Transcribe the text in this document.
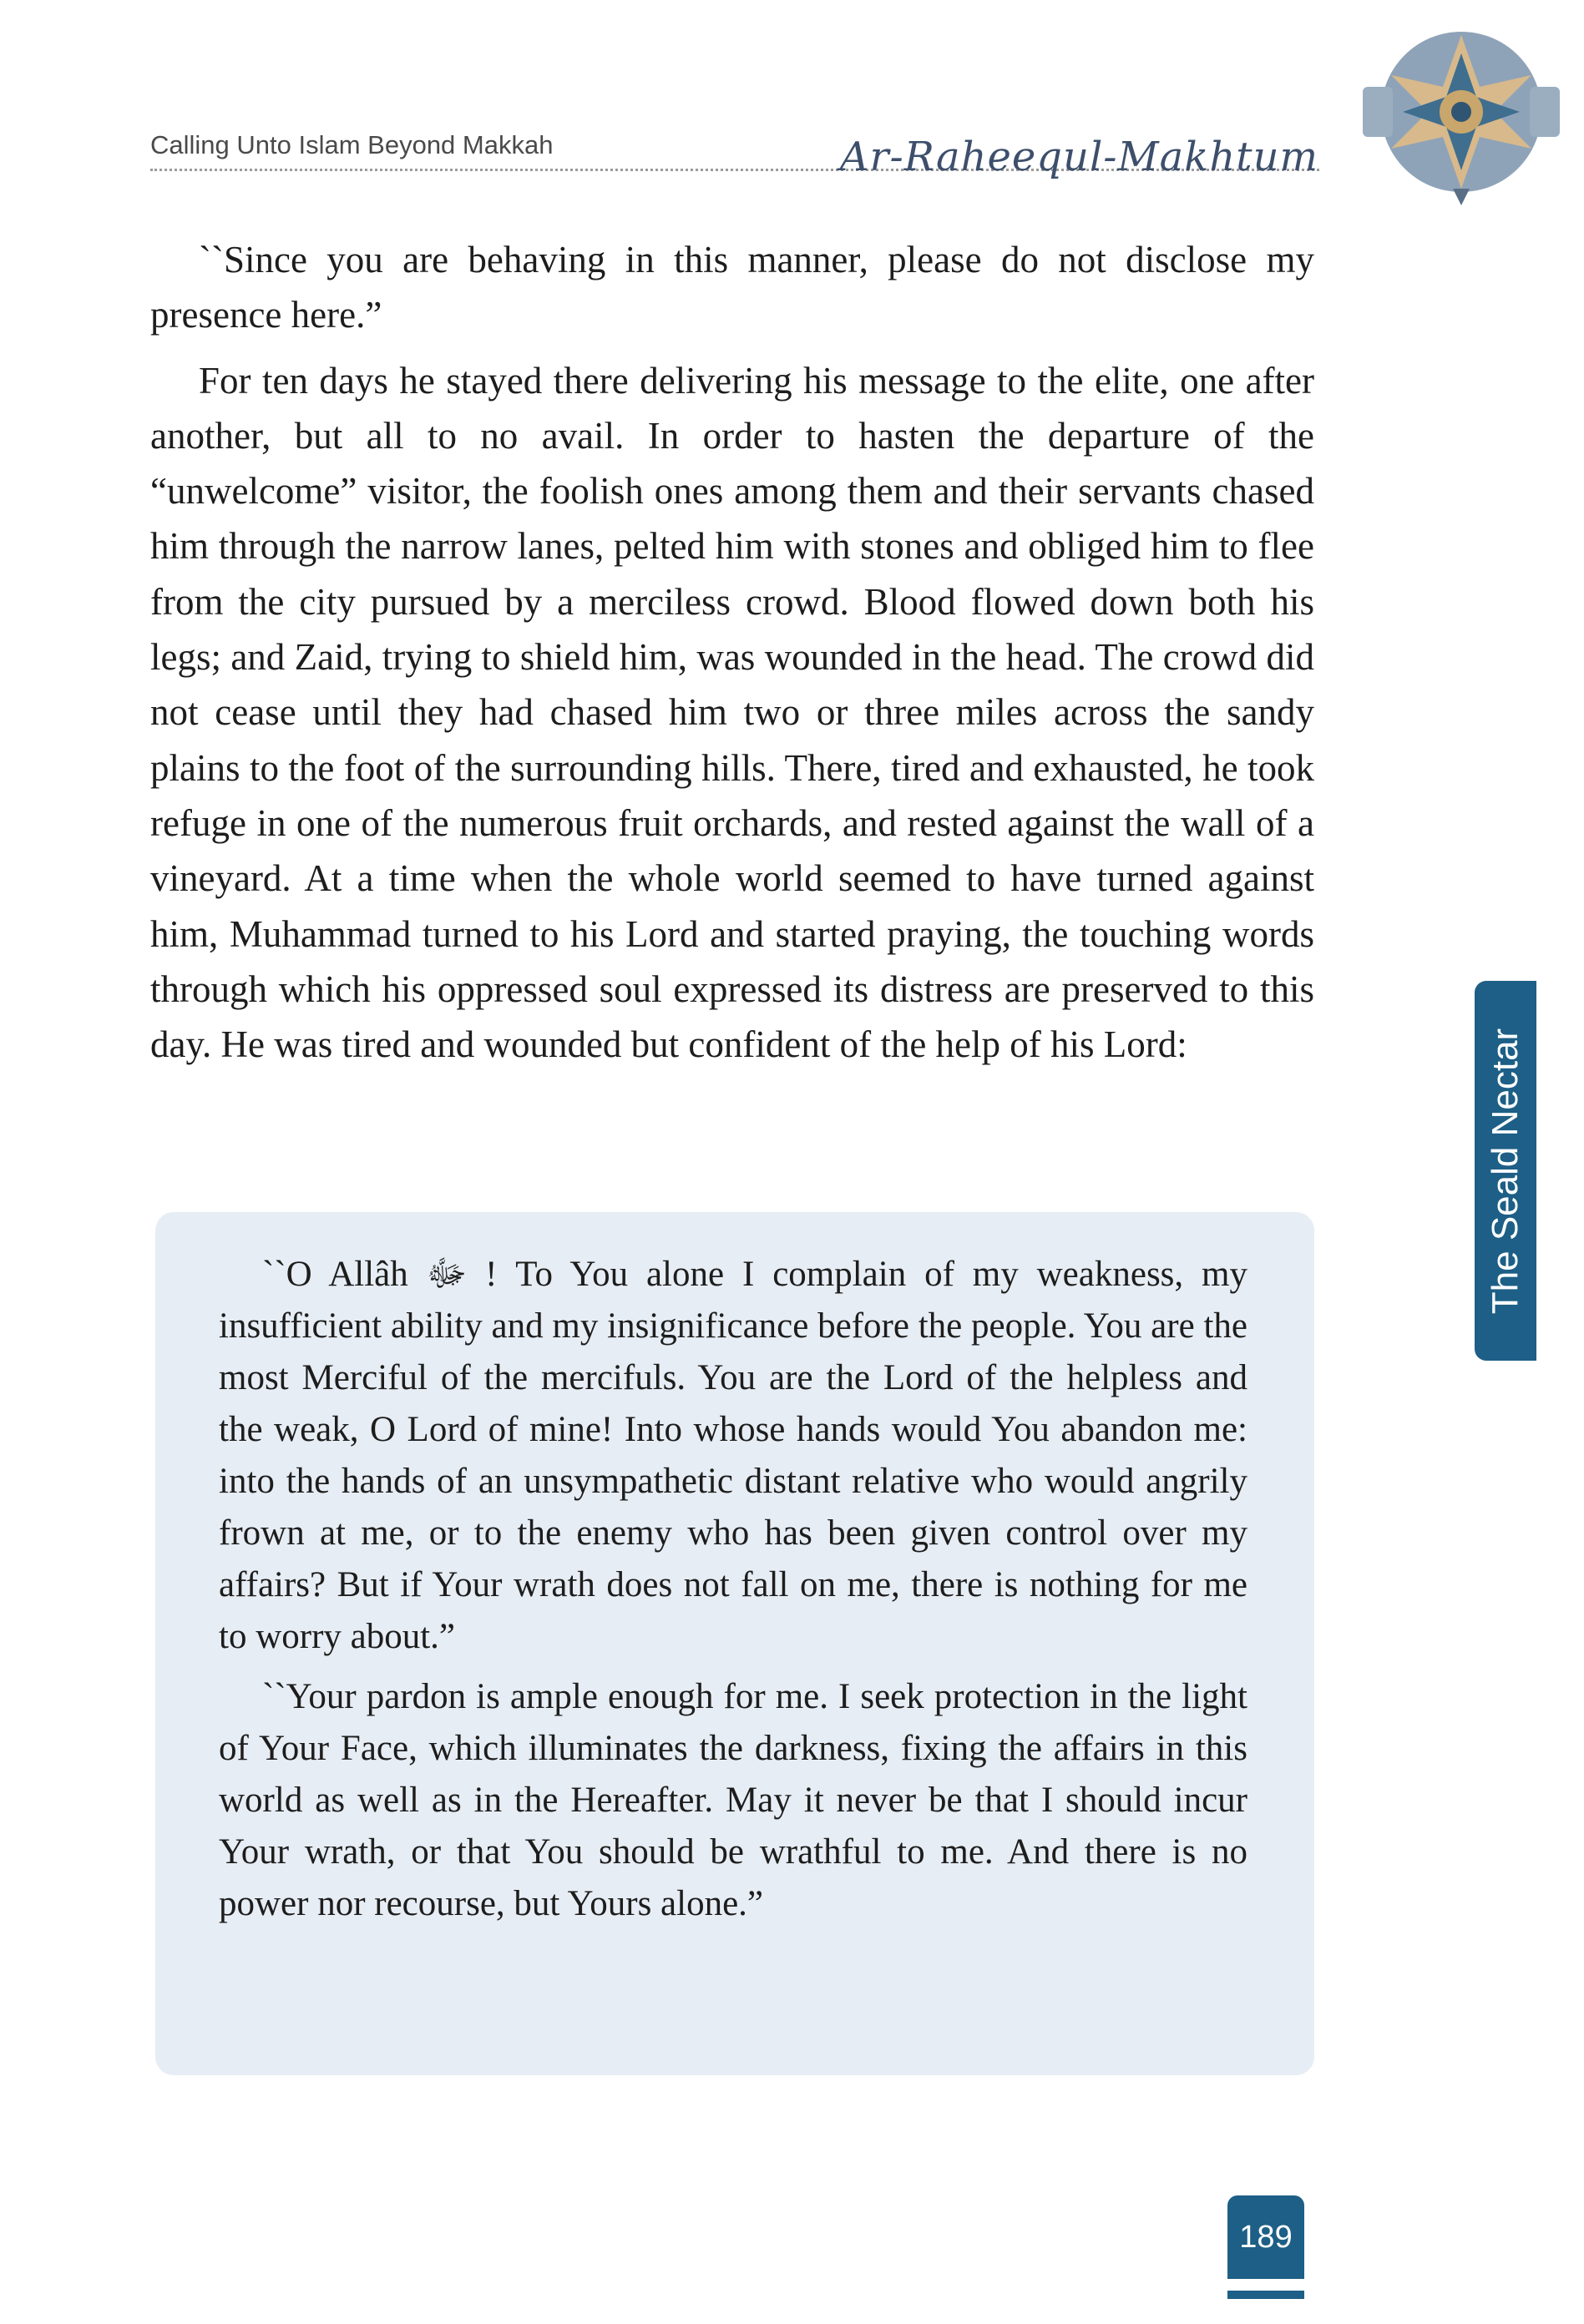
Calling Unto Islam Beyond Makkah	Ar-Raheequl-Makhtum

``Since you are behaving in this manner, please do not disclose my presence here.”

For ten days he stayed there delivering his message to the elite, one after another, but all to no avail. In order to hasten the departure of the “unwelcome” visitor, the foolish ones among them and their servants chased him through the narrow lanes, pelted him with stones and obliged him to flee from the city pursued by a merciless crowd. Blood flowed down both his legs; and Zaid, trying to shield him, was wounded in the head. The crowd did not cease until they had chased him two or three miles across the sandy plains to the foot of the surrounding hills. There, tired and exhausted, he took refuge in one of the numerous fruit orchards, and rested against the wall of a vineyard. At a time when the whole world seemed to have turned against him, Muhammad turned to his Lord and started praying, the touching words through which his oppressed soul expressed its distress are preserved to this day. He was tired and wounded but confident of the help of his Lord:

``O Allâh ﷻ ! To You alone I complain of my weakness, my insufficient ability and my insignificance before the people. You are the most Merciful of the mercifuls. You are the Lord of the helpless and the weak, O Lord of mine! Into whose hands would You abandon me: into the hands of an unsympathetic distant relative who would angrily frown at me, or to the enemy who has been given control over my affairs? But if Your wrath does not fall on me, there is nothing for me to worry about.”

``Your pardon is ample enough for me. I seek protection in the light of Your Face, which illuminates the darkness, fixing the affairs in this world as well as in the Hereafter. May it never be that I should incur Your wrath, or that You should be wrathful to me. And there is no power nor recourse, but Yours alone.”

The Seald Nectar
189
